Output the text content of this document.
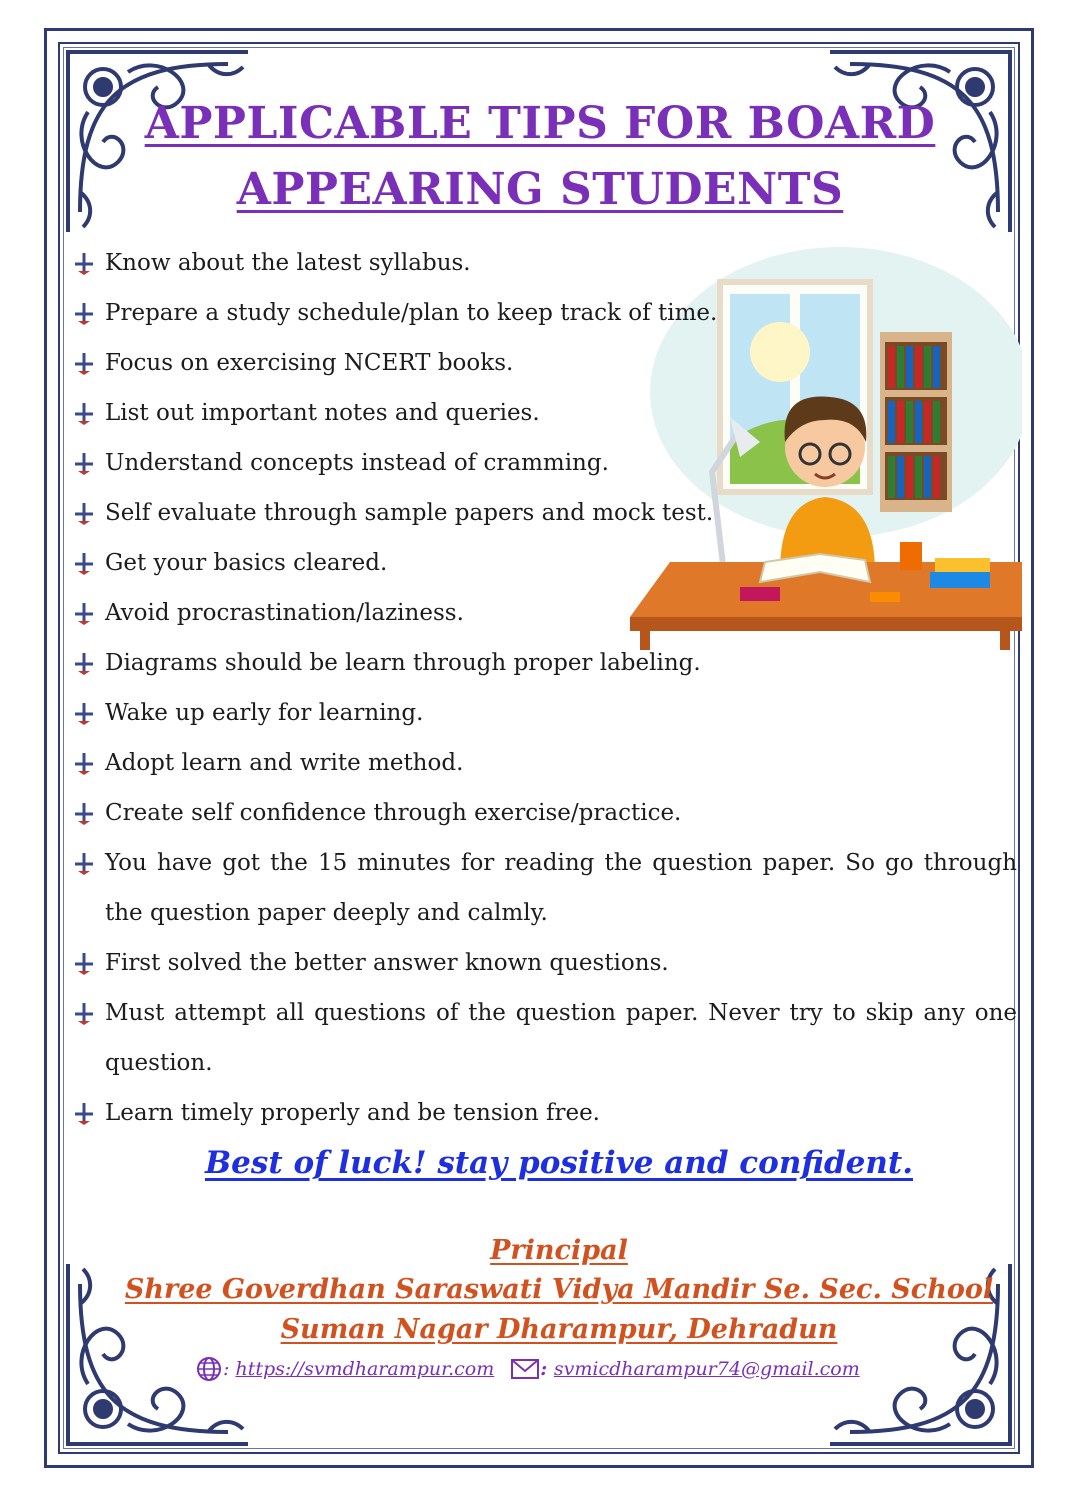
APPLICABLE TIPS FOR BOARD
APPEARING STUDENTS
Know about the latest syllabus.
Prepare a study schedule/plan to keep track of time.
Focus on exercising NCERT books.
List out important notes and queries.
Understand concepts instead of cramming.
Self evaluate through sample papers and mock test.
Get your basics cleared.
Avoid procrastination/laziness.
Diagrams should be learn through proper labeling.
Wake up early for learning.
Adopt learn and write method.
Create self confidence through exercise/practice.
You have got the 15 minutes for reading the question paper. So go through the question paper deeply and calmly.
First solved the better answer known questions.
Must attempt all questions of the question paper. Never try to skip any one question.
Learn timely properly and be tension free.
Best of luck! stay positive and confident.
Principal
Shree Goverdhan Saraswati Vidya Mandir Se. Sec. School
Suman Nagar Dharampur, Dehradun
: https://svmdharampur.com : svmicdharampur74@gmail.com
